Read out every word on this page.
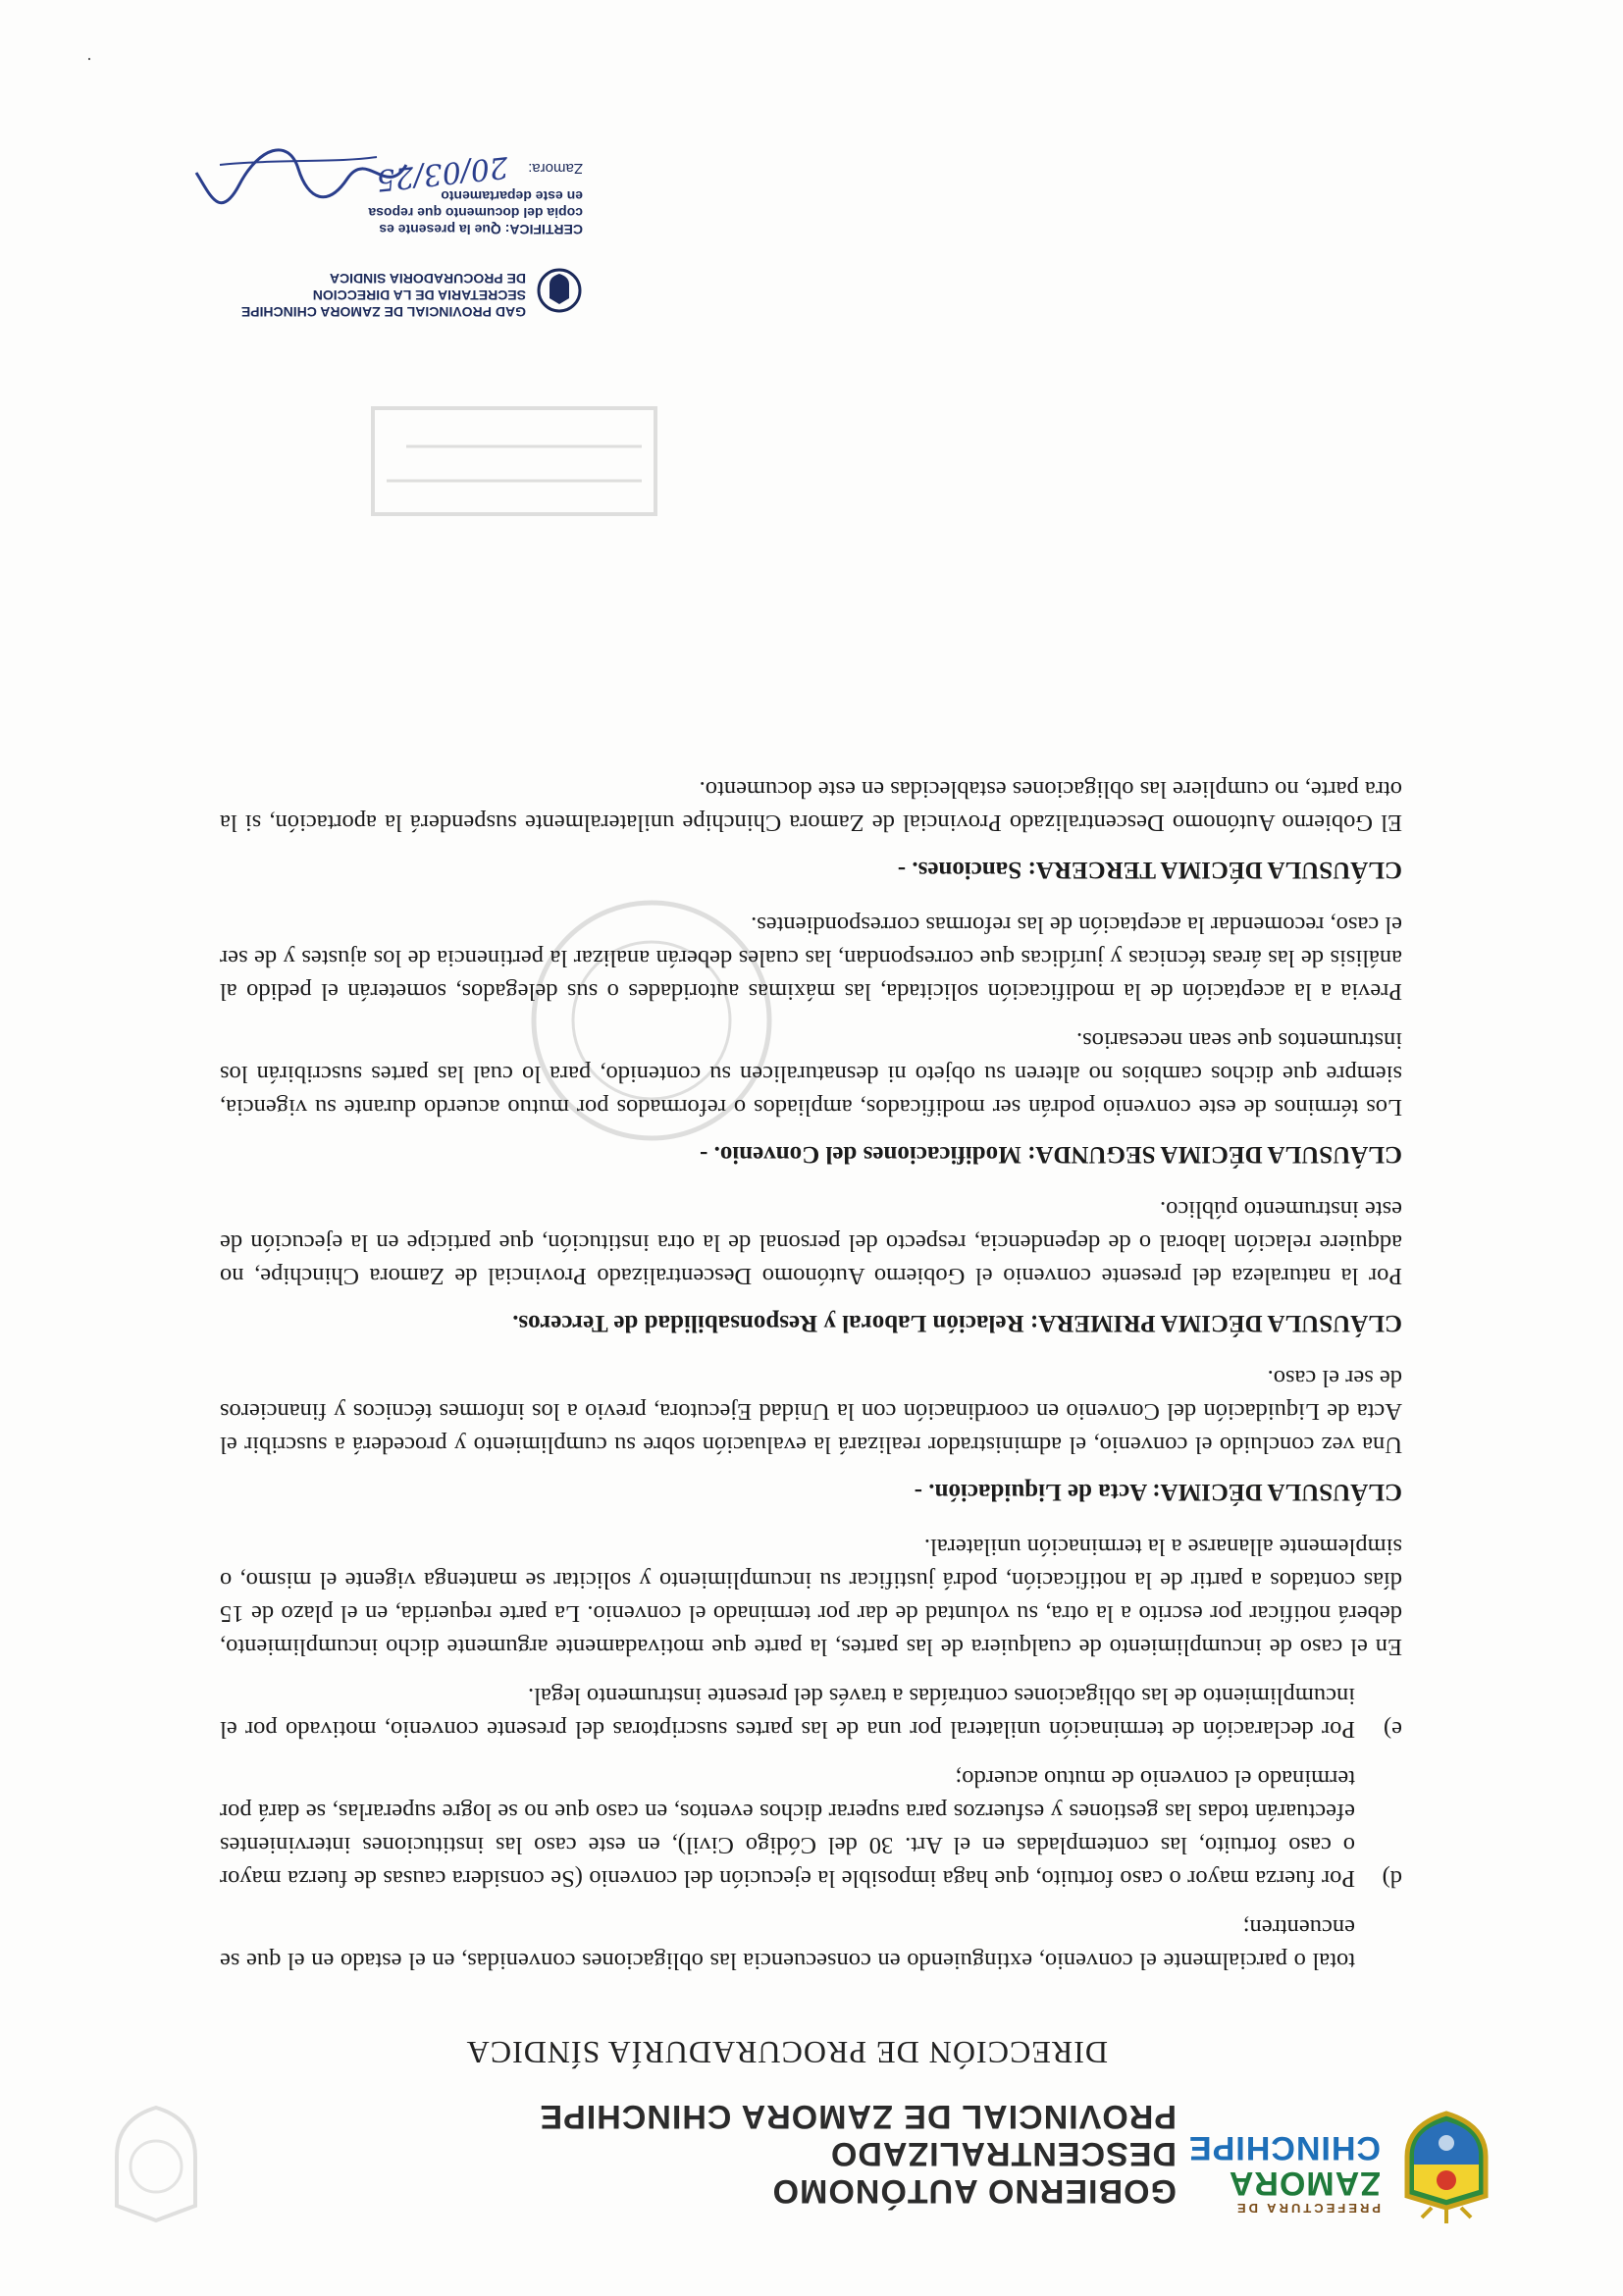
PREFECTURA DE
ZAMORA
CHINCHIPE
GOBIERNO AUTÓNOMO DESCENTRALIZADO
PROVINCIAL DE ZAMORA CHINCHIPE
DIRECCIÓN DE PROCURADURÍA SÍNDICA

total o parcialmente el convenio, extinguiendo en consecuencia las obligaciones convenidas, en el estado en el que se encuentren;

d)
Por fuerza mayor o caso fortuito, que haga imposible la ejecución del convenio (Se considera causas de fuerza mayor o caso fortuito, las contempladas en el Art. 30 del Código Civil), en este caso las instituciones intervinientes efectuarán todas las gestiones y esfuerzos para superar dichos eventos, en caso que no se logre superarlas, se dará por terminado el convenio de mutuo acuerdo;

e)
Por declaración de terminación unilateral por una de las partes suscriptoras del presente convenio, motivado por el incumplimiento de las obligaciones contraídas a través del presente instrumento legal.

En el caso de incumplimiento de cualquiera de las partes, la parte que motivadamente argumente dicho incumplimiento, deberá notificar por escrito a la otra, su voluntad de dar por terminado el convenio. La parte requerida, en el plazo de 15 días contados a partir de la notificación, podrá justificar su incumplimiento y solicitar se mantenga vigente el mismo, o simplemente allanarse a la terminación unilateral.

CLÁUSULA DÉCIMA: Acta de Liquidación. -

Una vez concluido el convenio, el administrador realizará la evaluación sobre su cumplimiento y procederá a suscribir el Acta de Liquidación del Convenio en coordinación con la Unidad Ejecutora, previo a los informes técnicos y financieros de ser el caso.

CLÁUSULA DÉCIMA PRIMERA: Relación Laboral y Responsabilidad de Terceros.

Por la naturaleza del presente convenio el Gobierno Autónomo Descentralizado Provincial de Zamora Chinchipe, no adquiere relación laboral o de dependencia, respecto del personal de la otra institución, que participe en la ejecución de este instrumento público.

CLÁUSULA DÉCIMA SEGUNDA: Modificaciones del Convenio. -

Los términos de este convenio podrán ser modificados, ampliados o reformados por mutuo acuerdo durante su vigencia, siempre que dichos cambios no alteren su objeto ni desnaturalicen su contenido, para lo cual las partes suscribirán los instrumentos que sean necesarios.

Previa a la aceptación de la modificación solicitada, las máximas autoridades o sus delegados, someterán el pedido al análisis de las áreas técnicas y jurídicas que correspondan, las cuales deberán analizar la pertinencia de los ajustes y de ser el caso, recomendar la aceptación de las reformas correspondientes.

CLÁUSULA DÉCIMA TERCERA: Sanciones. -

El Gobierno Autónomo Descentralizado Provincial de Zamora Chinchipe unilateralmente suspenderá la aportación, si la otra parte, no cumpliere las obligaciones establecidas en este documento.

GAD PROVINCIAL DE ZAMORA CHINCHIPE
SECRETARIA DE LA DIRECCION
DE PROCURADORIA SINDICA
CERTIFICA: Que la presente es
copia del documento que reposa
en este departamento
Zamora:
20/03/25
·
